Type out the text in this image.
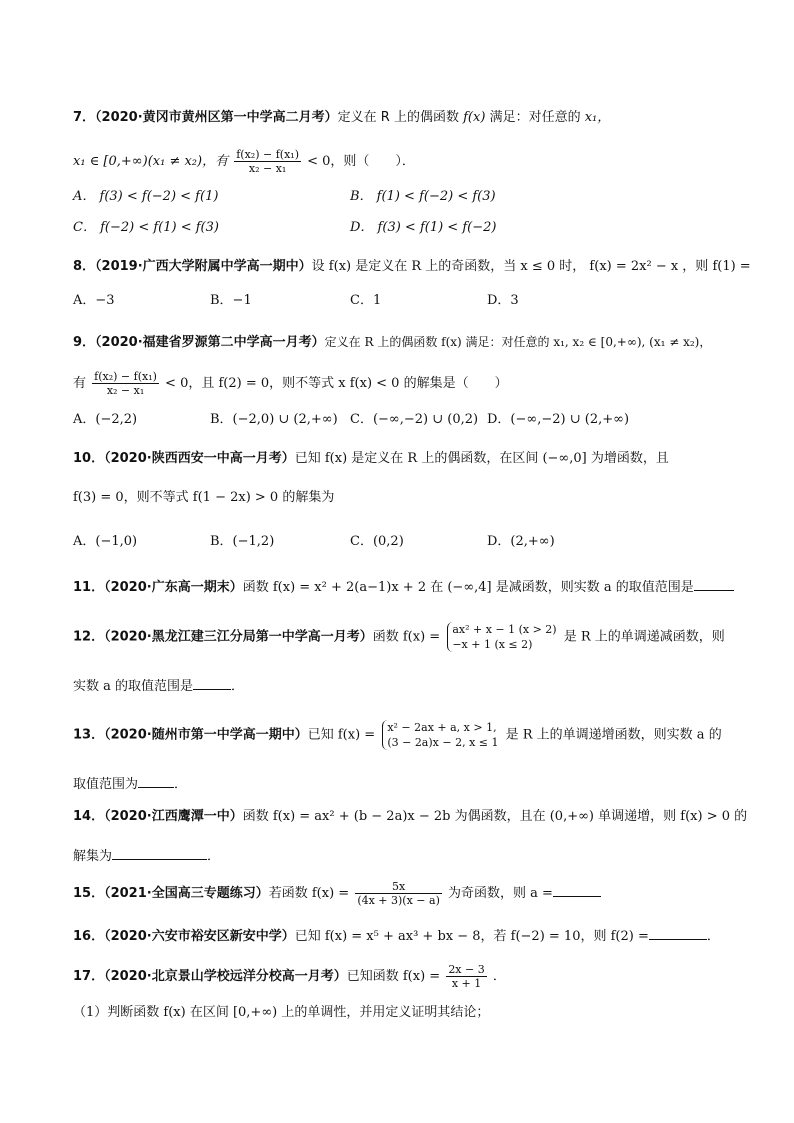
7．（2020·黄冈市黄州区第一中学高二月考）定义在 R 上的偶函数 f(x) 满足：对任意的 x₁，
x₁ ∈ [0,+∞)(x₁ ≠ x₂)，有 $\frac{\text{f(x₂) − f(x₁)}}{\text{x₂ − x₁}} < 0$，则（　　）．
A． f(3) < f(−2) < f(1)	B． f(1) < f(−2) < f(3)
C． f(−2) < f(1) < f(3)	D． f(3) < f(1) < f(−2)
8．（2019·广西大学附属中学高一期中）设 f(x) 是定义在 R 上的奇函数，当 x ≤ 0 时， f(x) = 2x² − x ，则 f(1) =
A．−3	B．−1	C．1	D．3
9．（2020·福建省罗源第二中学高一月考）定义在 R 上的偶函数 f(x) 满足：对任意的 x₁, x₂ ∈ [0,+∞), (x₁ ≠ x₂)，
有 $\frac{\text{f(x₂) − f(x₁)}}{\text{x₂ − x₁}} < 0$，且 f(2) = 0，则不等式 x f(x) < 0 的解集是（　　）
A．(−2,2)	B．(−2,0) ∪ (2,+∞) C．(−∞,−2) ∪ (0,2) D．(−∞,−2) ∪ (2,+∞)
10．（2020·陕西西安一中高一月考）已知 f(x) 是定义在 R 上的偶函数，在区间 (−∞,0] 为增函数，且
f(3) = 0，则不等式 f(1 − 2x) > 0 的解集为
A．(−1,0)	B．(−1,2)	C．(0,2)	D．(2,+∞)
11．（2020·广东高一期末）函数 f(x) = x² + 2(a−1)x + 2 在 (−∞,4] 是减函数，则实数 a 的取值范围是
12．（2020·黑龙江建三江分局第一中学高一月考）函数 f(x) = ax² + x − 1 (x > 2)
−x + 1 (x ≤ 2)	是 R 上的单调递减函数，则
实数 a 的取值范围是	．
13．（2020·随州市第一中学高一期中）已知 f(x) = x² − 2ax + a, x > 1,
(3 − 2a)x − 2, x ≤ 1 是 R 上的单调递增函数，则实数 a 的
取值范围为	．
14．（2020·江西鹰潭一中）函数 f(x) = ax² + (b − 2a)x − 2b 为偶函数，且在 (0,+∞) 单调递增，则 f(x) > 0 的
解集为	．
15．（2021·全国高三专题练习）若函数 $f(x) = \frac{5x}{(4x + 3)(x - a)}$ 为奇函数，则 a =
16．（2020·六安市裕安区新安中学）已知 f(x) = x⁵ + ax³ + bx − 8，若 f(−2) = 10，则 f(2) =	．
17．（2020·北京景山学校远洋分校高一月考）已知函数 $f(x) = \frac{2x - 3}{x + 1}$ ．
（1）判断函数 f(x) 在区间 [0,+∞) 上的单调性，并用定义证明其结论；
